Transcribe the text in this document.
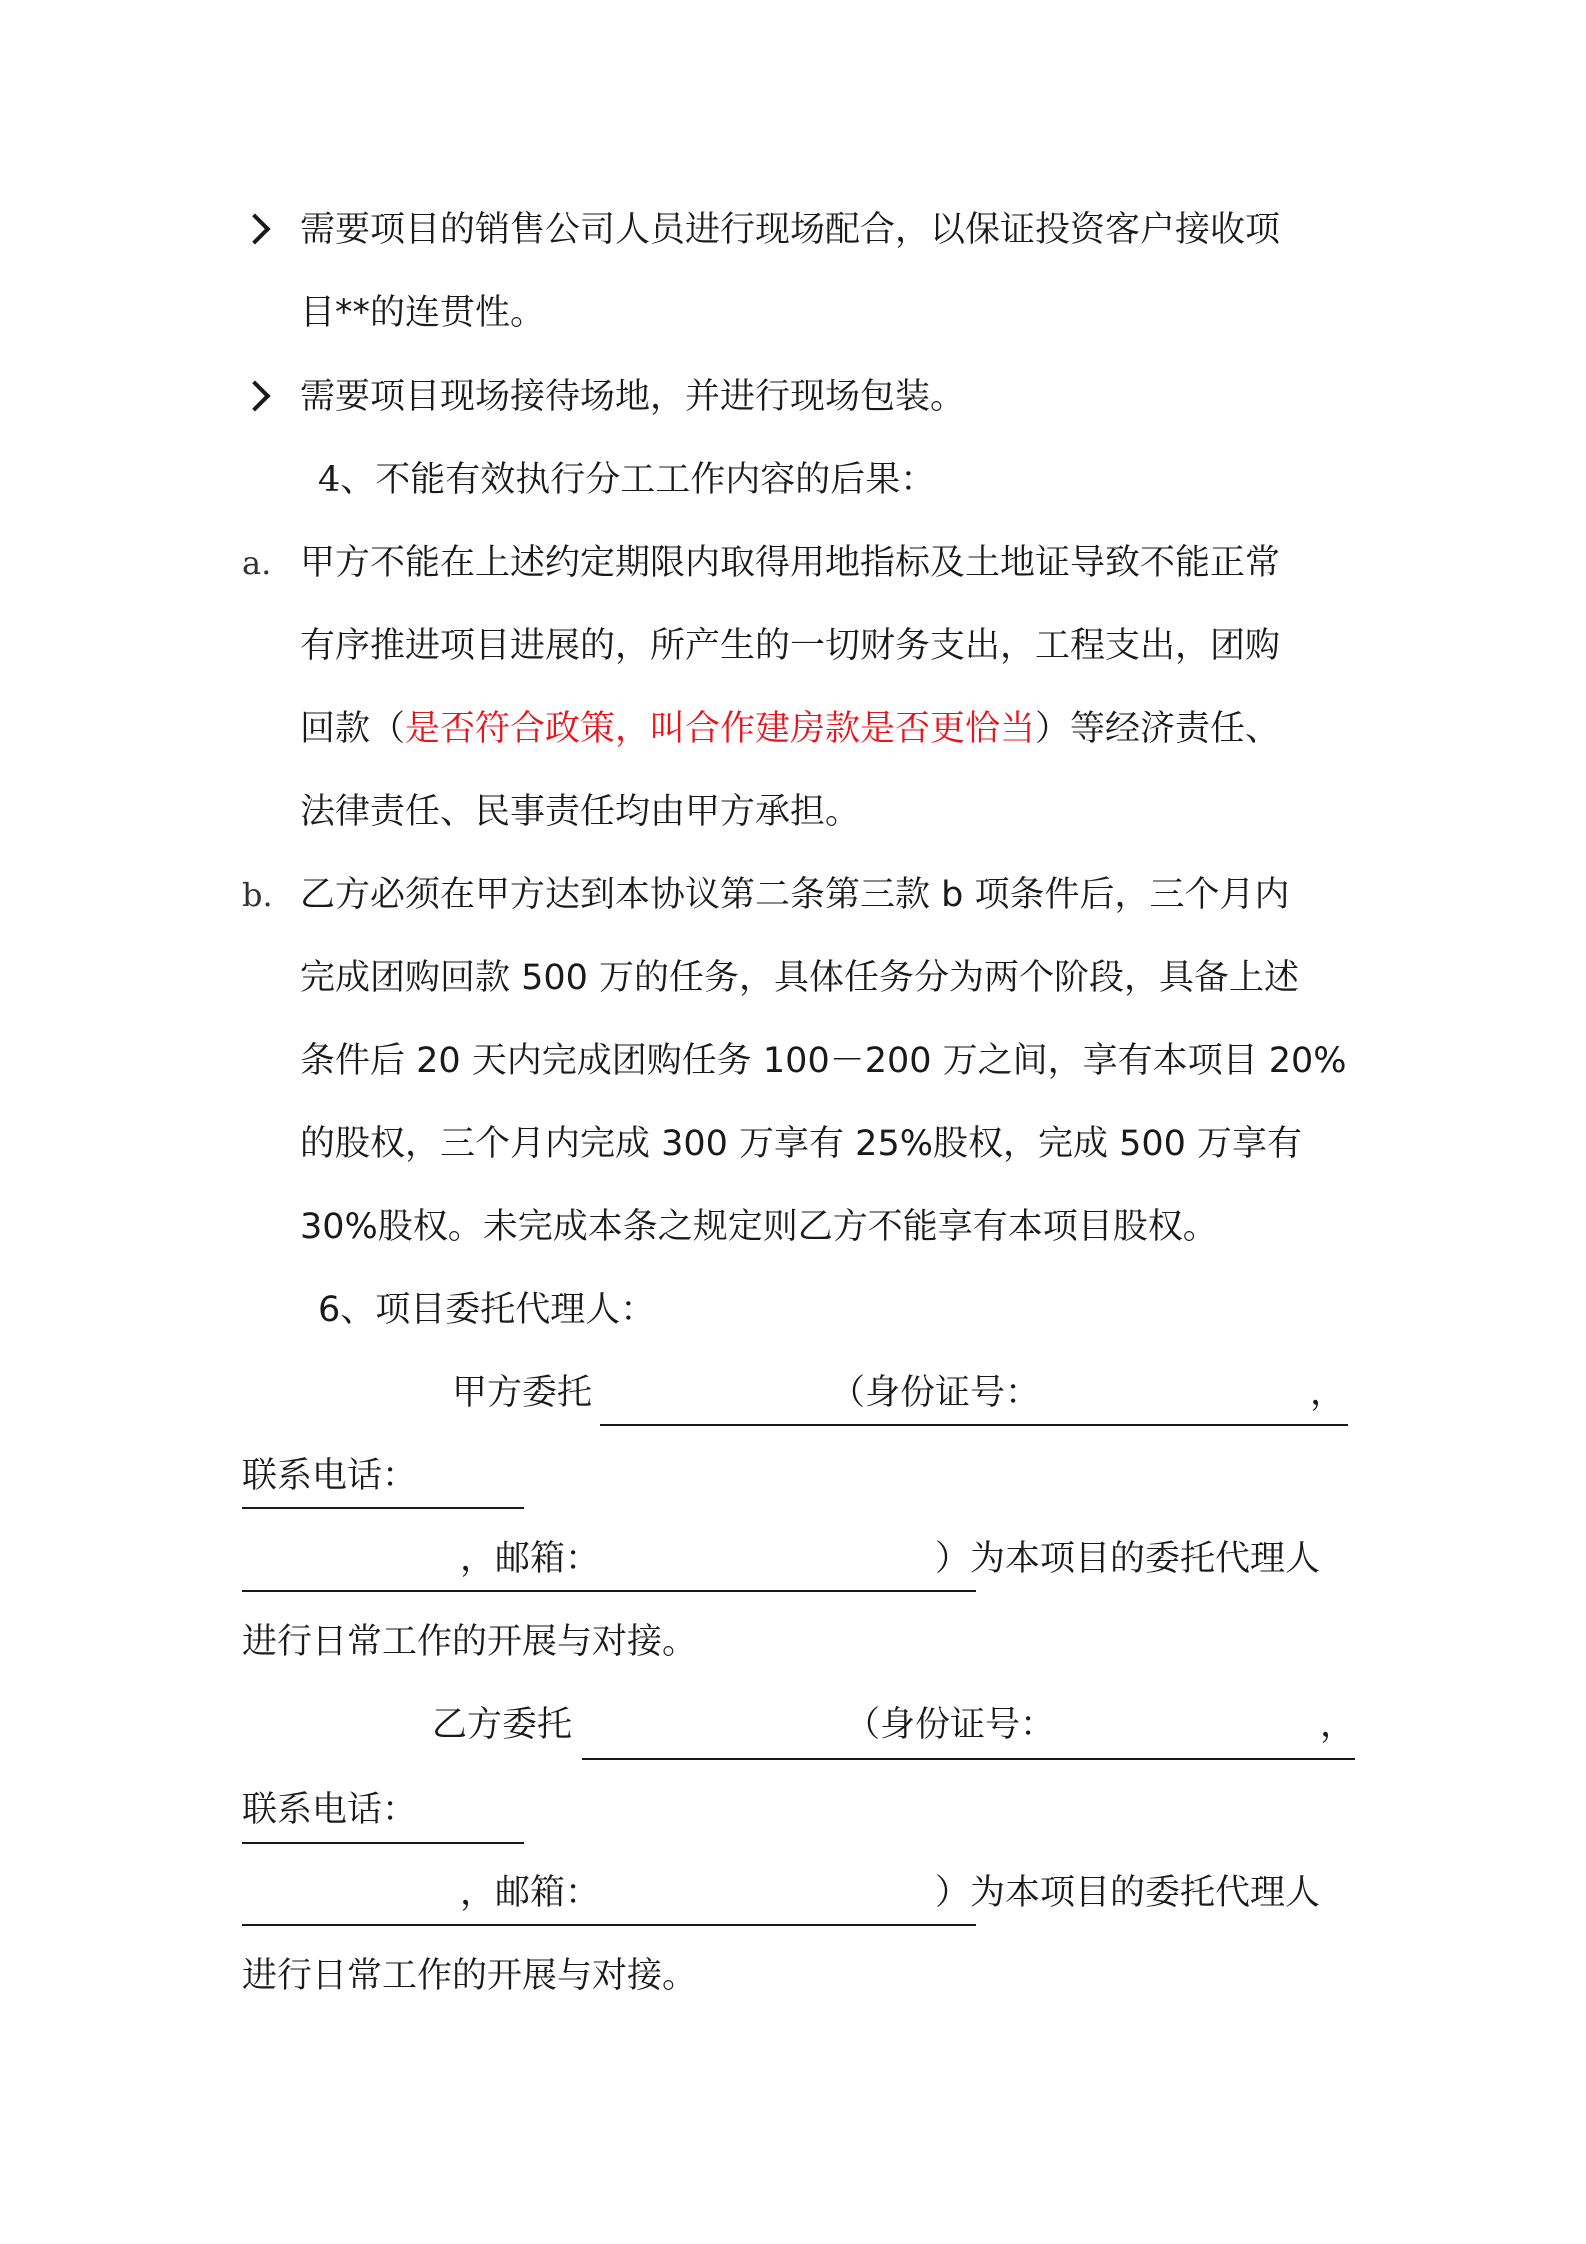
需要项目的销售公司人员进行现场配合，以保证投资客户接收项
目**的连贯性。
需要项目现场接待场地，并进行现场包装。
4、不能有效执行分工工作内容的后果：
a. 甲方不能在上述约定期限内取得用地指标及土地证导致不能正常
有序推进项目进展的，所产生的一切财务支出，工程支出，团购
回款（是否符合政策，叫合作建房款是否更恰当）等经济责任、
法律责任、民事责任均由甲方承担。
b. 乙方必须在甲方达到本协议第二条第三款 b 项条件后，三个月内
完成团购回款 500 万的任务，具体任务分为两个阶段，具备上述
条件后 20 天内完成团购任务 100－200 万之间，享有本项目 20%
的股权，三个月内完成 300 万享有 25%股权，完成 500 万享有
30%股权。未完成本条之规定则乙方不能享有本项目股权。
6、项目委托代理人：
甲方委托	（身份证号：	，
联系电话：
，邮箱：	）为本项目的委托代理人
进行日常工作的开展与对接。
乙方委托	（身份证号：	，
联系电话：
，邮箱：	）为本项目的委托代理人
进行日常工作的开展与对接。
